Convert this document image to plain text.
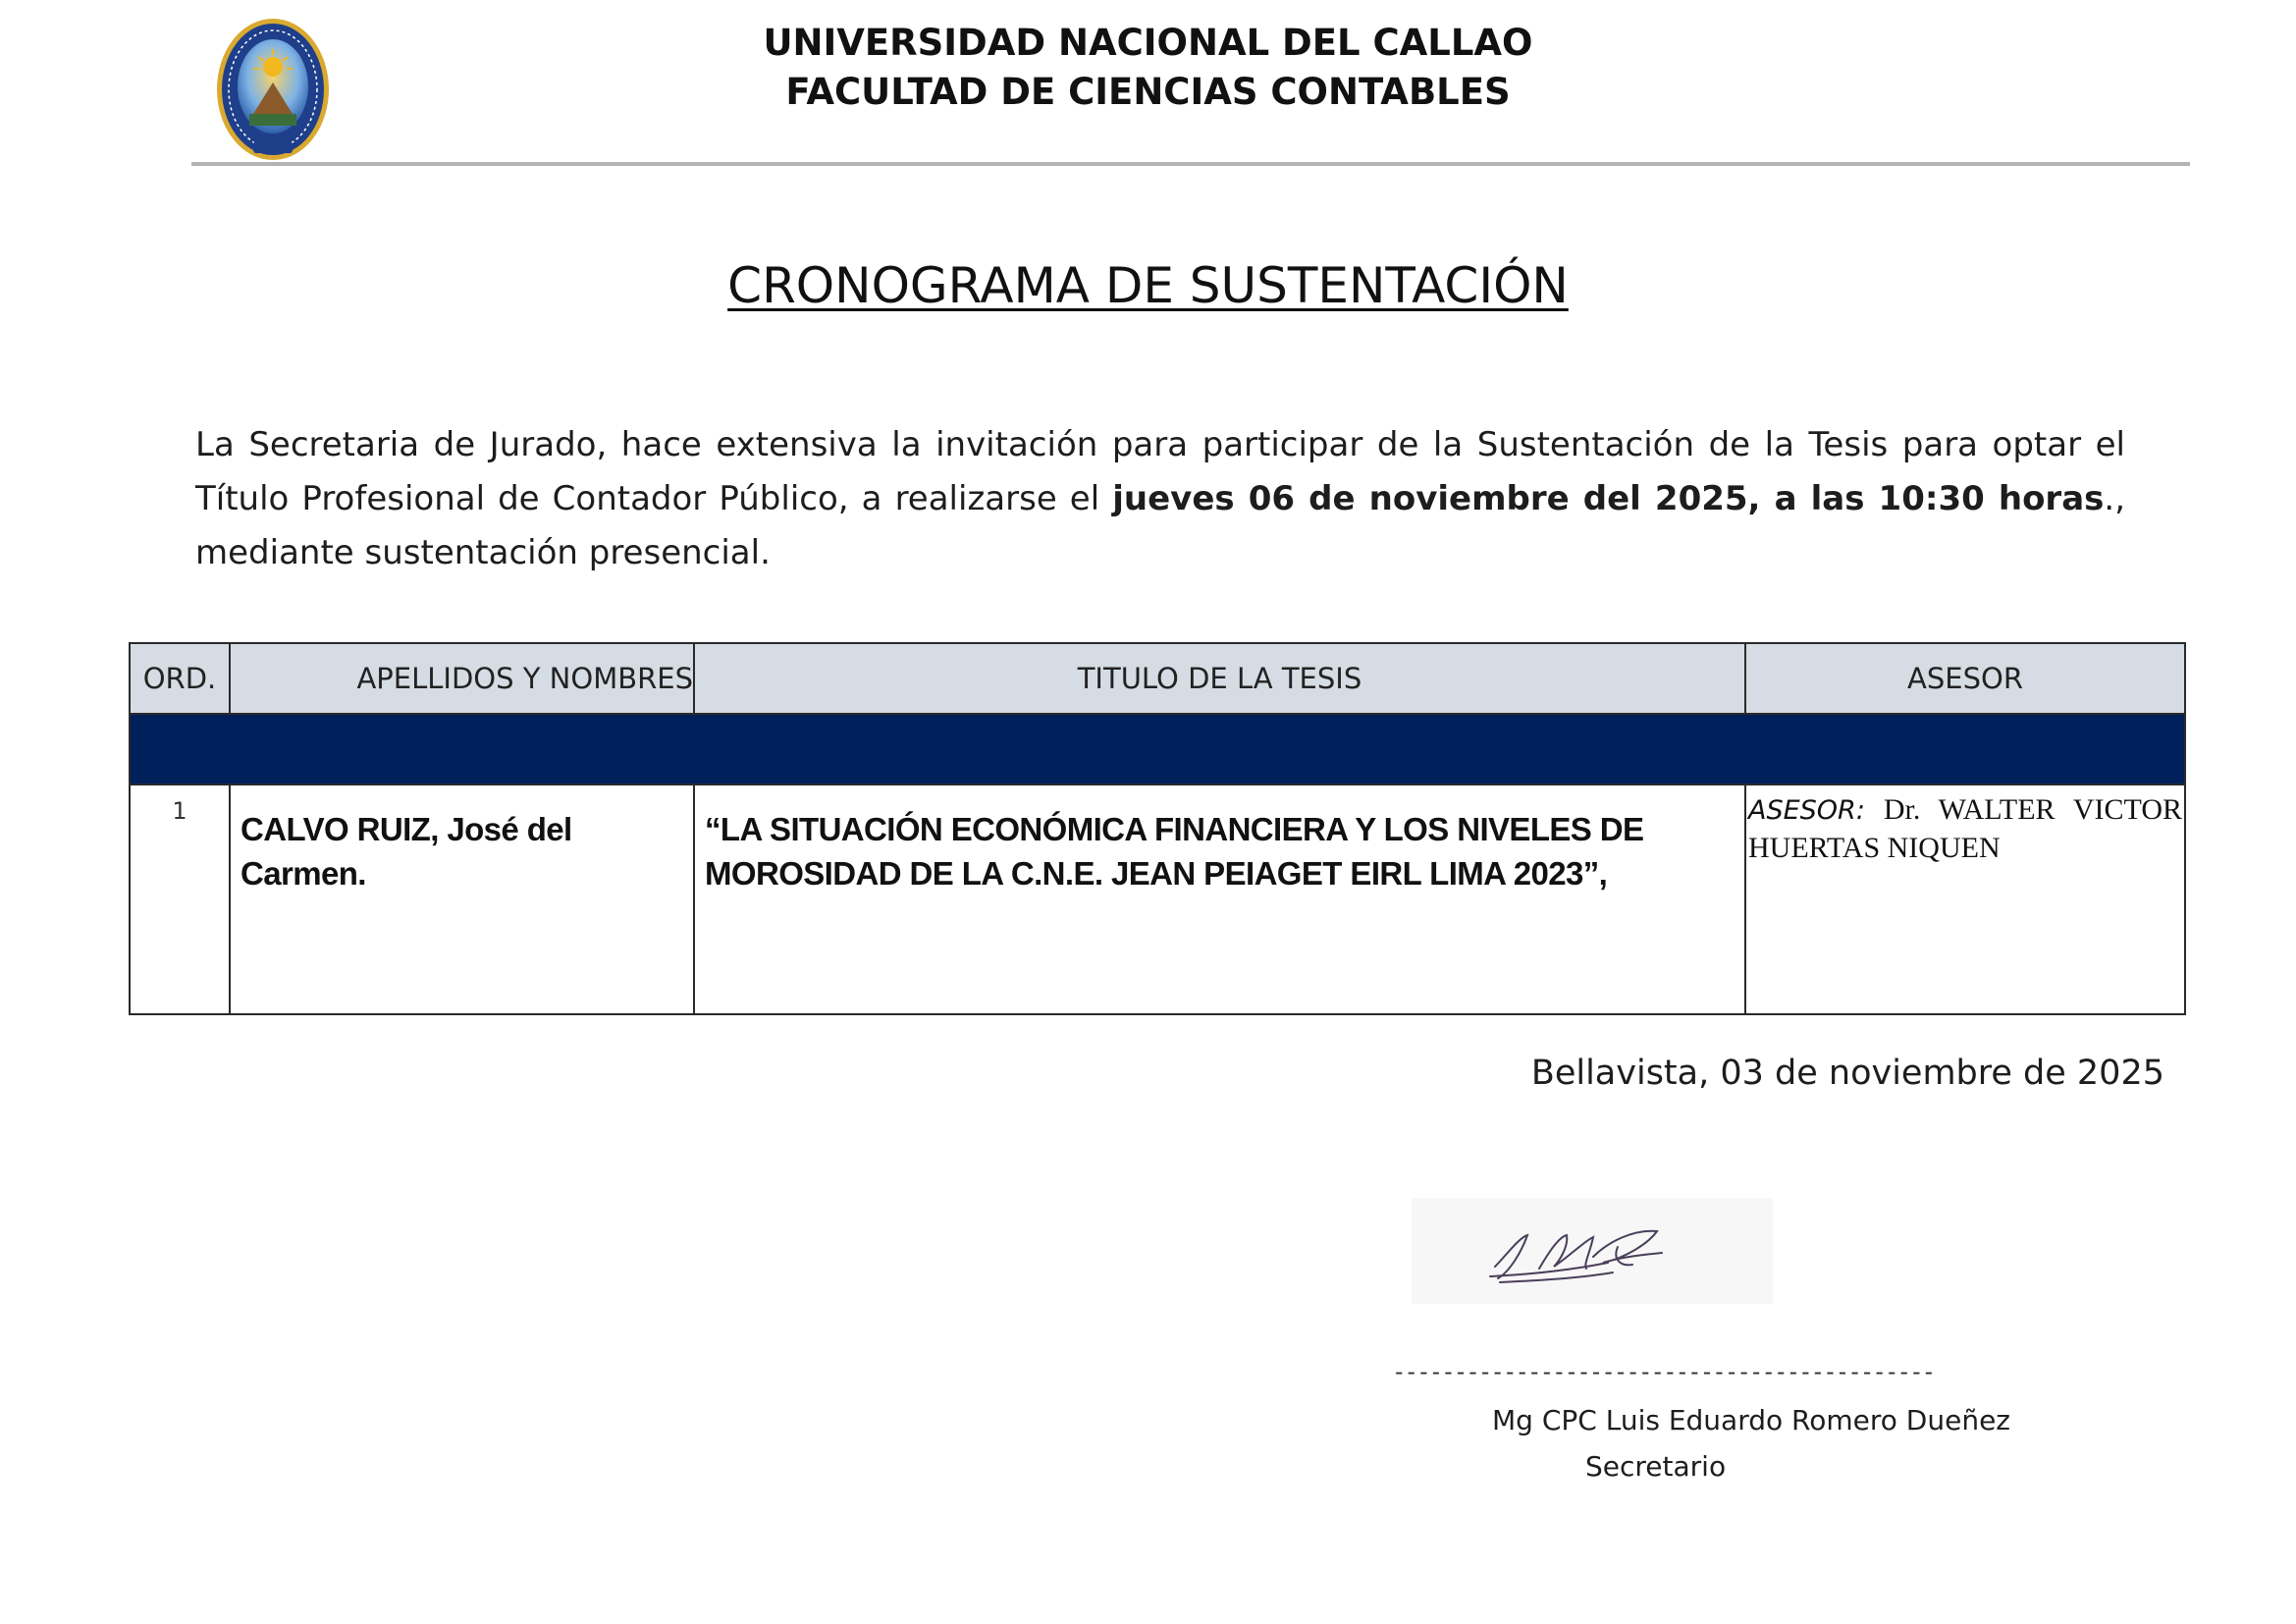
UNIVERSIDAD NACIONAL DEL CALLAO
FACULTAD DE CIENCIAS CONTABLES
CRONOGRAMA DE SUSTENTACIÓN
La Secretaria de Jurado, hace extensiva la invitación para participar de la Sustentación de la Tesis para optar el Título Profesional de Contador Público, a realizarse el jueves 06 de noviembre del 2025, a las 10:30 horas., mediante sustentación presencial.
ORD.	APELLIDOS Y NOMBRES	TITULO DE LA TESIS	ASESOR

1	CALVO RUIZ, José del Carmen.	“LA SITUACIÓN ECONÓMICA FINANCIERA Y LOS NIVELES DE MOROSIDAD DE LA C.N.E. JEAN PEIAGET EIRL LIMA 2023”,	ASESOR: Dr. WALTER VICTOR HUERTAS NIQUEN
Bellavista, 03 de noviembre de 2025
--------------------------------------------
Mg CPC Luis Eduardo Romero Dueñez
Secretario
